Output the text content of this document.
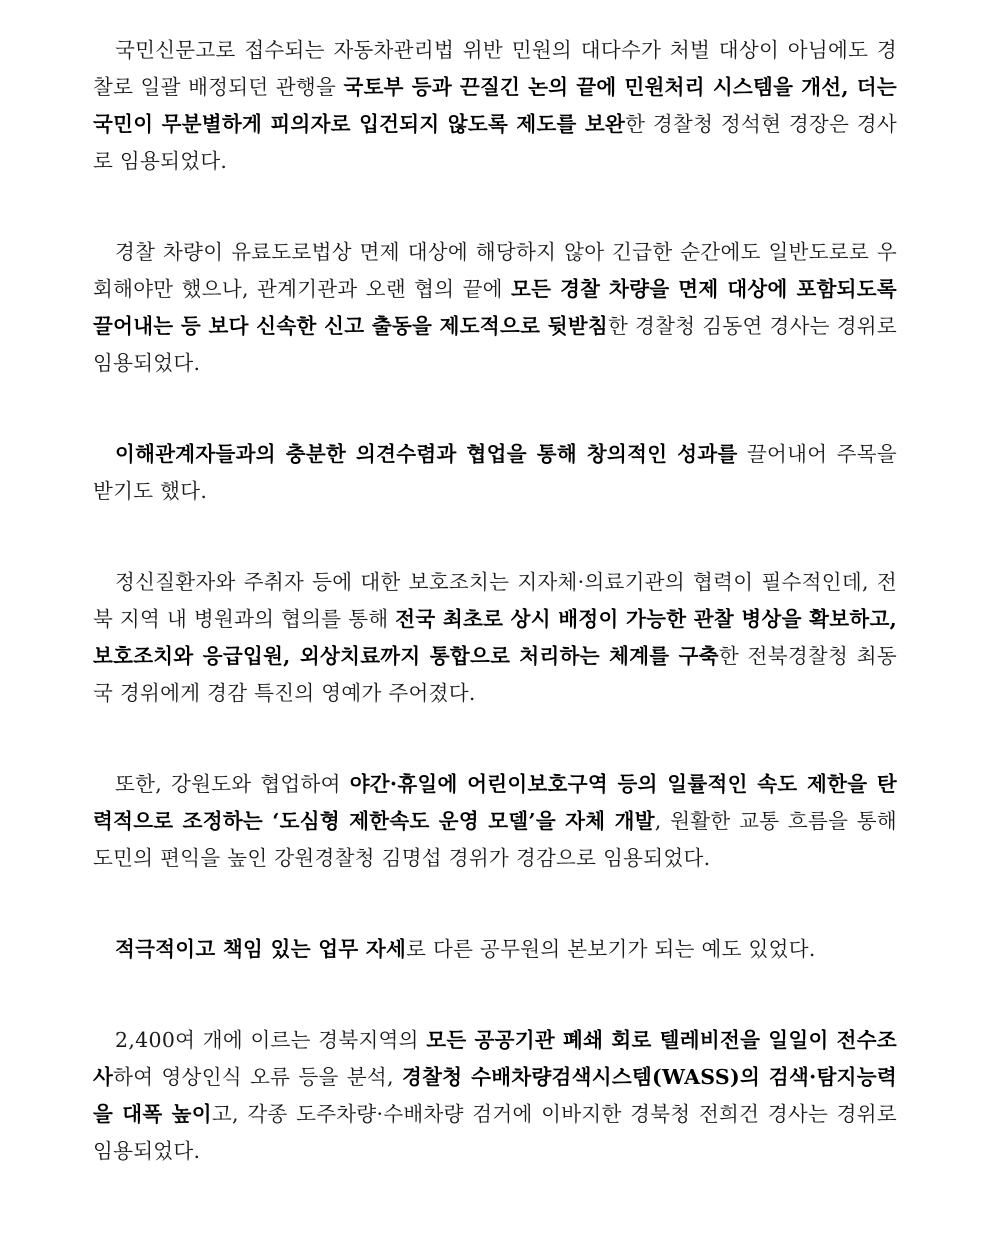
국민신문고로 접수되는 자동차관리법 위반 민원의 대다수가 처벌 대상이 아님에도 경찰로 일괄 배정되던 관행을 국토부 등과 끈질긴 논의 끝에 민원처리 시스템을 개선, 더는 국민이 무분별하게 피의자로 입건되지 않도록 제도를 보완한 경찰청 정석현 경장은 경사로 임용되었다.

경찰 차량이 유료도로법상 면제 대상에 해당하지 않아 긴급한 순간에도 일반도로로 우회해야만 했으나, 관계기관과 오랜 협의 끝에 모든 경찰 차량을 면제 대상에 포함되도록 끌어내는 등 보다 신속한 신고 출동을 제도적으로 뒷받침한 경찰청 김동연 경사는 경위로 임용되었다.

이해관계자들과의 충분한 의견수렴과 협업을 통해 창의적인 성과를 끌어내어 주목을 받기도 했다.

정신질환자와 주취자 등에 대한 보호조치는 지자체·의료기관의 협력이 필수적인데, 전북 지역 내 병원과의 협의를 통해 전국 최초로 상시 배정이 가능한 관찰 병상을 확보하고, 보호조치와 응급입원, 외상치료까지 통합으로 처리하는 체계를 구축한 전북경찰청 최동국 경위에게 경감 특진의 영예가 주어졌다.

또한, 강원도와 협업하여 야간·휴일에 어린이보호구역 등의 일률적인 속도 제한을 탄력적으로 조정하는 ‘도심형 제한속도 운영 모델’을 자체 개발, 원활한 교통 흐름을 통해 도민의 편익을 높인 강원경찰청 김명섭 경위가 경감으로 임용되었다.

적극적이고 책임 있는 업무 자세로 다른 공무원의 본보기가 되는 예도 있었다.

2,400여 개에 이르는 경북지역의 모든 공공기관 폐쇄 회로 텔레비전을 일일이 전수조사하여 영상인식 오류 등을 분석, 경찰청 수배차량검색시스템(WASS)의 검색·탐지능력을 대폭 높이고, 각종 도주차량·수배차량 검거에 이바지한 경북청 전희건 경사는 경위로 임용되었다.
